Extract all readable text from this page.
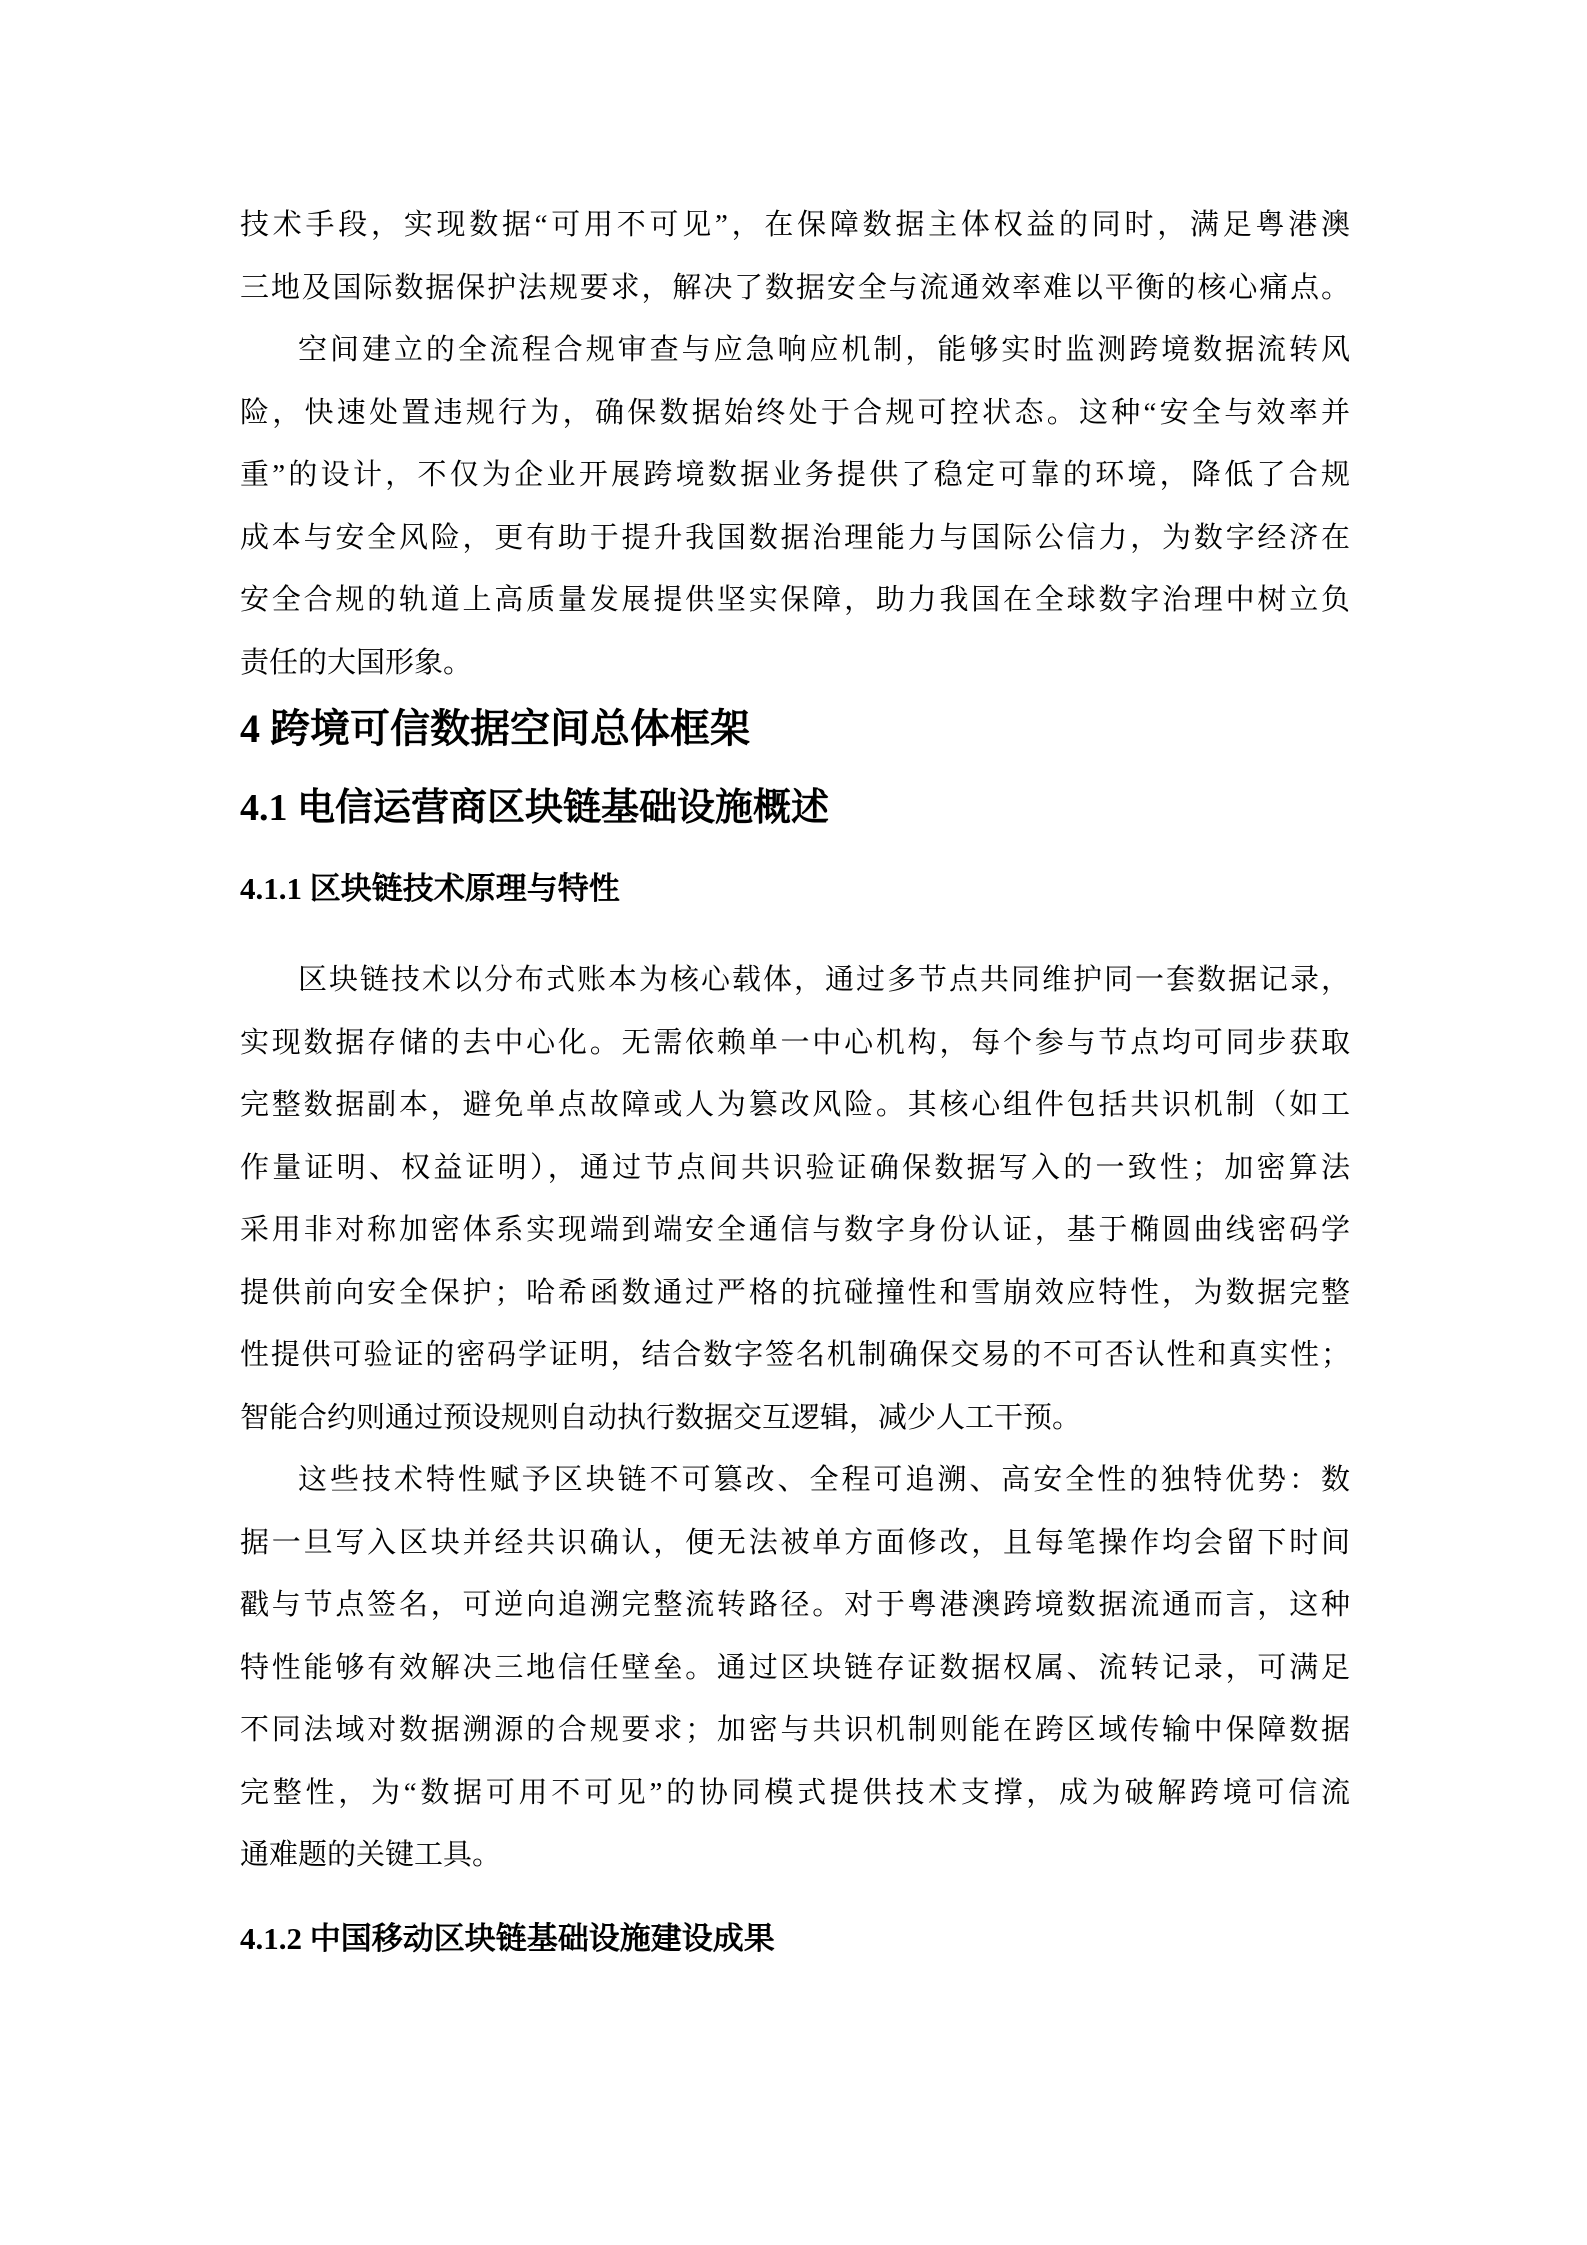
技术手段，实现数据“可用不可见”，在保障数据主体权益的同时，满足粤港澳
三地及国际数据保护法规要求，解决了数据安全与流通效率难以平衡的核心痛点。
空间建立的全流程合规审查与应急响应机制，能够实时监测跨境数据流转风
险，快速处置违规行为，确保数据始终处于合规可控状态。这种“安全与效率并
重”的设计，不仅为企业开展跨境数据业务提供了稳定可靠的环境，降低了合规
成本与安全风险，更有助于提升我国数据治理能力与国际公信力，为数字经济在
安全合规的轨道上高质量发展提供坚实保障，助力我国在全球数字治理中树立负
责任的大国形象。
4 跨境可信数据空间总体框架
4.1 电信运营商区块链基础设施概述
4.1.1 区块链技术原理与特性
区块链技术以分布式账本为核心载体，通过多节点共同维护同一套数据记录，
实现数据存储的去中心化。无需依赖单一中心机构，每个参与节点均可同步获取
完整数据副本，避免单点故障或人为篡改风险。其核心组件包括共识机制（如工
作量证明、权益证明），通过节点间共识验证确保数据写入的一致性；加密算法
采用非对称加密体系实现端到端安全通信与数字身份认证，基于椭圆曲线密码学
提供前向安全保护；哈希函数通过严格的抗碰撞性和雪崩效应特性，为数据完整
性提供可验证的密码学证明，结合数字签名机制确保交易的不可否认性和真实性；
智能合约则通过预设规则自动执行数据交互逻辑，减少人工干预。
这些技术特性赋予区块链不可篡改、全程可追溯、高安全性的独特优势：数
据一旦写入区块并经共识确认，便无法被单方面修改，且每笔操作均会留下时间
戳与节点签名，可逆向追溯完整流转路径。对于粤港澳跨境数据流通而言，这种
特性能够有效解决三地信任壁垒。通过区块链存证数据权属、流转记录，可满足
不同法域对数据溯源的合规要求；加密与共识机制则能在跨区域传输中保障数据
完整性，为“数据可用不可见”的协同模式提供技术支撑，成为破解跨境可信流
通难题的关键工具。
4.1.2 中国移动区块链基础设施建设成果
